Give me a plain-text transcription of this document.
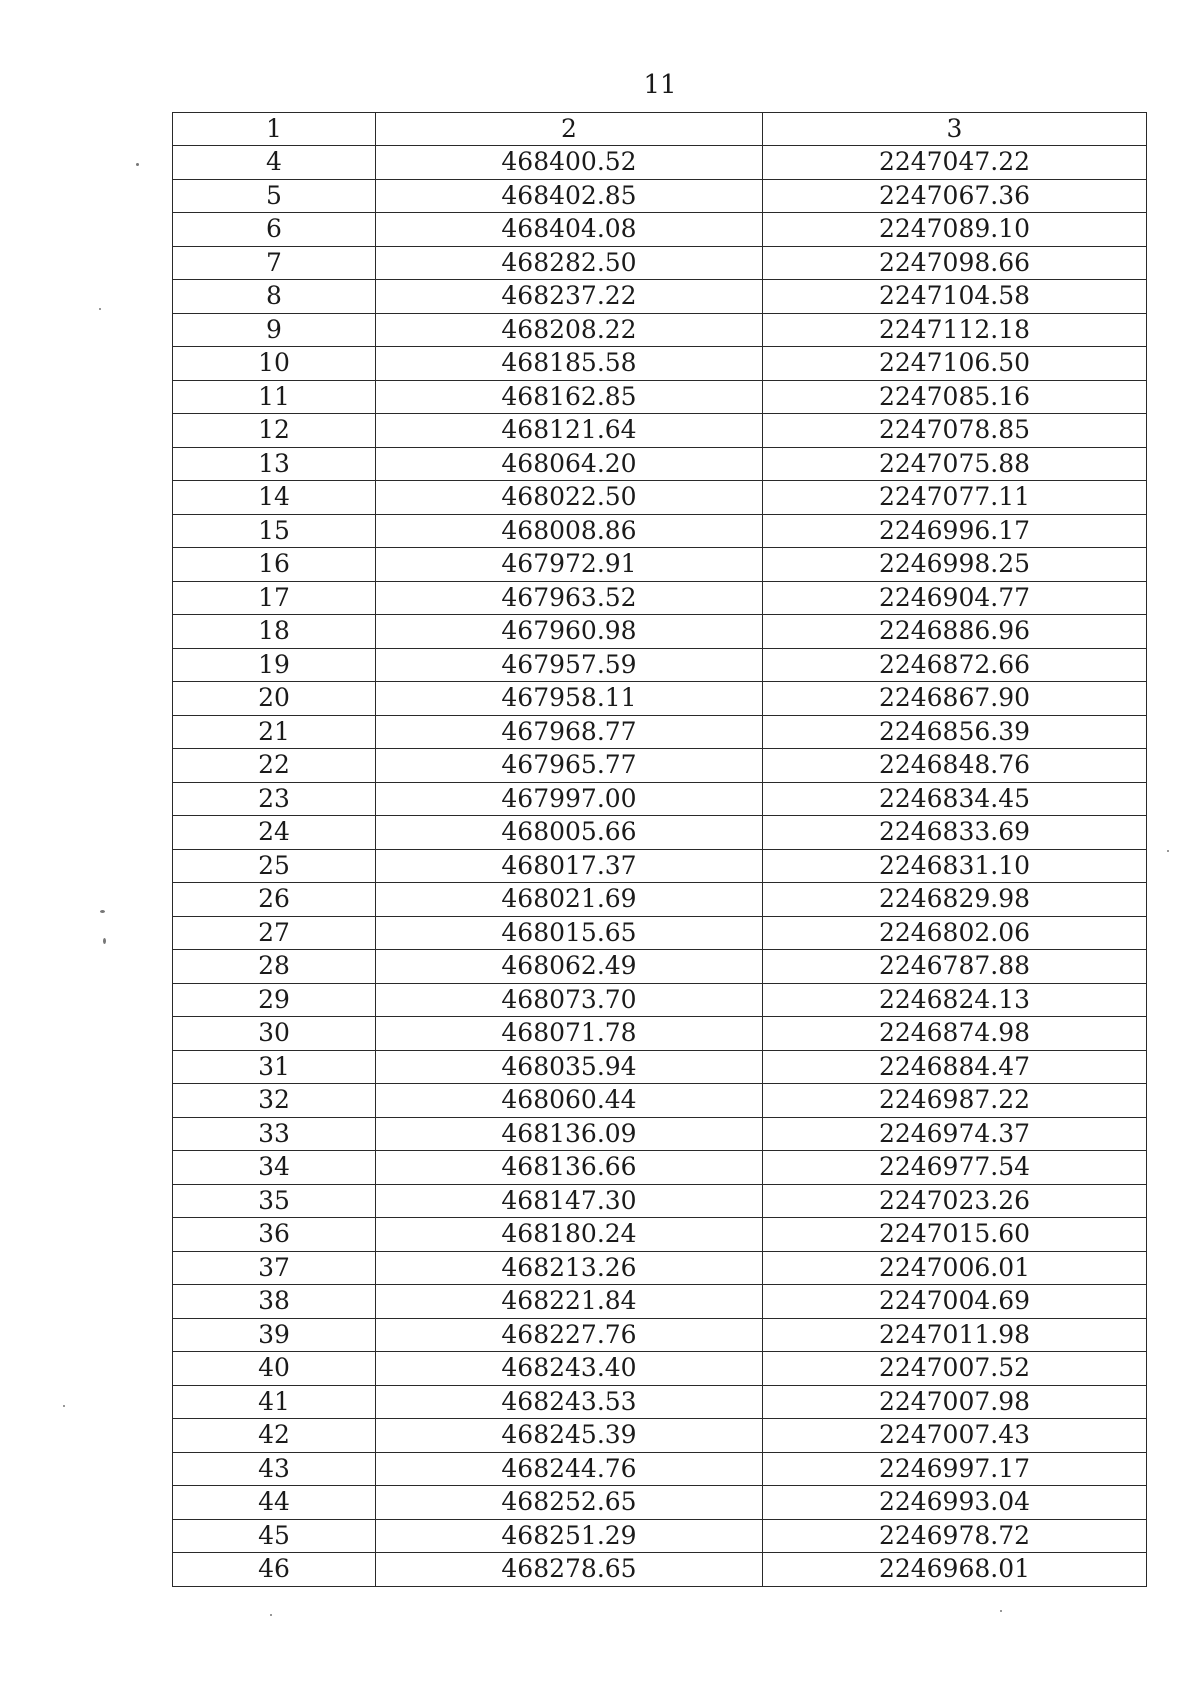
11
1	2	3
4	468400.52	2247047.22
5	468402.85	2247067.36
6	468404.08	2247089.10
7	468282.50	2247098.66
8	468237.22	2247104.58
9	468208.22	2247112.18
10	468185.58	2247106.50
11	468162.85	2247085.16
12	468121.64	2247078.85
13	468064.20	2247075.88
14	468022.50	2247077.11
15	468008.86	2246996.17
16	467972.91	2246998.25
17	467963.52	2246904.77
18	467960.98	2246886.96
19	467957.59	2246872.66
20	467958.11	2246867.90
21	467968.77	2246856.39
22	467965.77	2246848.76
23	467997.00	2246834.45
24	468005.66	2246833.69
25	468017.37	2246831.10
26	468021.69	2246829.98
27	468015.65	2246802.06
28	468062.49	2246787.88
29	468073.70	2246824.13
30	468071.78	2246874.98
31	468035.94	2246884.47
32	468060.44	2246987.22
33	468136.09	2246974.37
34	468136.66	2246977.54
35	468147.30	2247023.26
36	468180.24	2247015.60
37	468213.26	2247006.01
38	468221.84	2247004.69
39	468227.76	2247011.98
40	468243.40	2247007.52
41	468243.53	2247007.98
42	468245.39	2247007.43
43	468244.76	2246997.17
44	468252.65	2246993.04
45	468251.29	2246978.72
46	468278.65	2246968.01
